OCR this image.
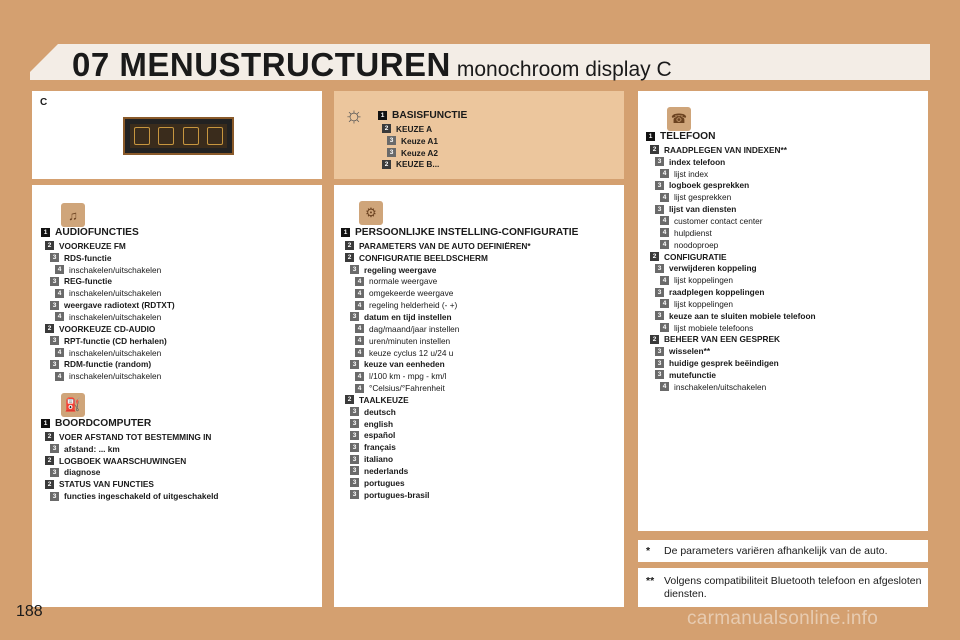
07 MENUSTRUCTUREN monochroom display C
C	☼
♫
⛽
⚙
☎
1 BASISFUNCTIE
2 KEUZE A
3 Keuze A1
3 Keuze A2
2 KEUZE B...
1 AUDIOFUNCTIES
2 VOORKEUZE FM
3 RDS-functie
4 inschakelen/uitschakelen
3 REG-functie
4 inschakelen/uitschakelen
3 weergave radiotext (RDTXT)
4 inschakelen/uitschakelen
2 VOORKEUZE CD-AUDIO
3 RPT-functie (CD herhalen)
4 inschakelen/uitschakelen
3 RDM-functie (random)
4 inschakelen/uitschakelen
1 BOORDCOMPUTER
2 VOER AFSTAND TOT BESTEMMING IN
3 afstand: ... km
2 LOGBOEK WAARSCHUWINGEN
3 diagnose
2 STATUS VAN FUNCTIES
3 functies ingeschakeld of uitgeschakeld
1 PERSOONLIJKE INSTELLING-CONFIGURATIE
2 PARAMETERS VAN DE AUTO DEFINIËREN*
2 CONFIGURATIE BEELDSCHERM
3 regeling weergave
4 normale weergave
4 omgekeerde weergave
4 regeling helderheid (- +)
3 datum en tijd instellen
4 dag/maand/jaar instellen
4 uren/minuten instellen
4 keuze cyclus 12 u/24 u
3 keuze van eenheden
4 l/100 km - mpg - km/l
4 °Celsius/°Fahrenheit
2 TAALKEUZE
3 deutsch
3 english
3 español
3 français
3 italiano
3 nederlands
3 portugues
3 portugues-brasil
1 TELEFOON
2 RAADPLEGEN VAN INDEXEN**
3 index telefoon
4 lijst index
3 logboek gesprekken
4 lijst gesprekken
3 lijst van diensten
4 customer contact center
4 hulpdienst
4 noodoproep
2 CONFIGURATIE
3 verwijderen koppeling
4 lijst koppelingen
3 raadplegen koppelingen
4 lijst koppelingen
3 keuze aan te sluiten mobiele telefoon
4 lijst mobiele telefoons
2 BEHEER VAN EEN GESPREK
3 wisselen**
3 huidige gesprek beëindigen
3 mutefunctie
4 inschakelen/uitschakelen
*	De parameters variëren afhankelijk van de auto.
** Volgens compatibiliteit Bluetooth telefoon en afgesloten diensten.
188	carmanualsonline.info
